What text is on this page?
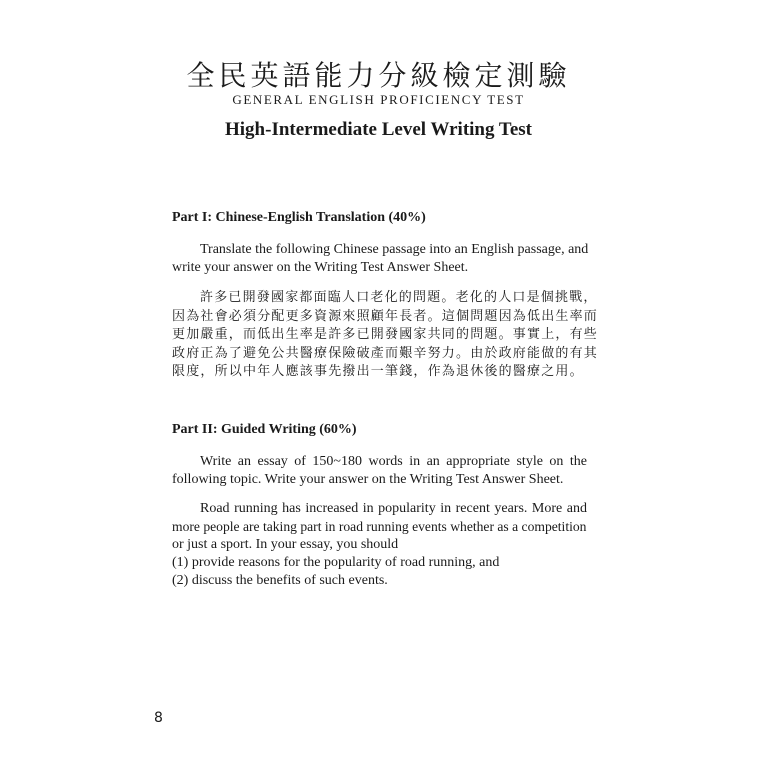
全民英語能力分級檢定測驗
GENERAL ENGLISH PROFICIENCY TEST
High-Intermediate Level Writing Test
Part I: Chinese-English Translation (40%)
Translate the following Chinese passage into an English passage, and
write your answer on the Writing Test Answer Sheet.
許多已開發國家都面臨人口老化的問題。老化的人口是個挑戰，
因為社會必須分配更多資源來照顧年長者。這個問題因為低出生率而
更加嚴重，而低出生率是許多已開發國家共同的問題。事實上，有些
政府正為了避免公共醫療保險破產而艱辛努力。由於政府能做的有其
限度，所以中年人應該事先撥出一筆錢，作為退休後的醫療之用。
Part II: Guided Writing (60%)
Write an essay of 150~180 words in an appropriate style on the
following topic. Write your answer on the Writing Test Answer Sheet.
Road running has increased in popularity in recent years. More and
more people are taking part in road running events whether as a competition
or just a sport. In your essay, you should
(1) provide reasons for the popularity of road running, and
(2) discuss the benefits of such events.
8
